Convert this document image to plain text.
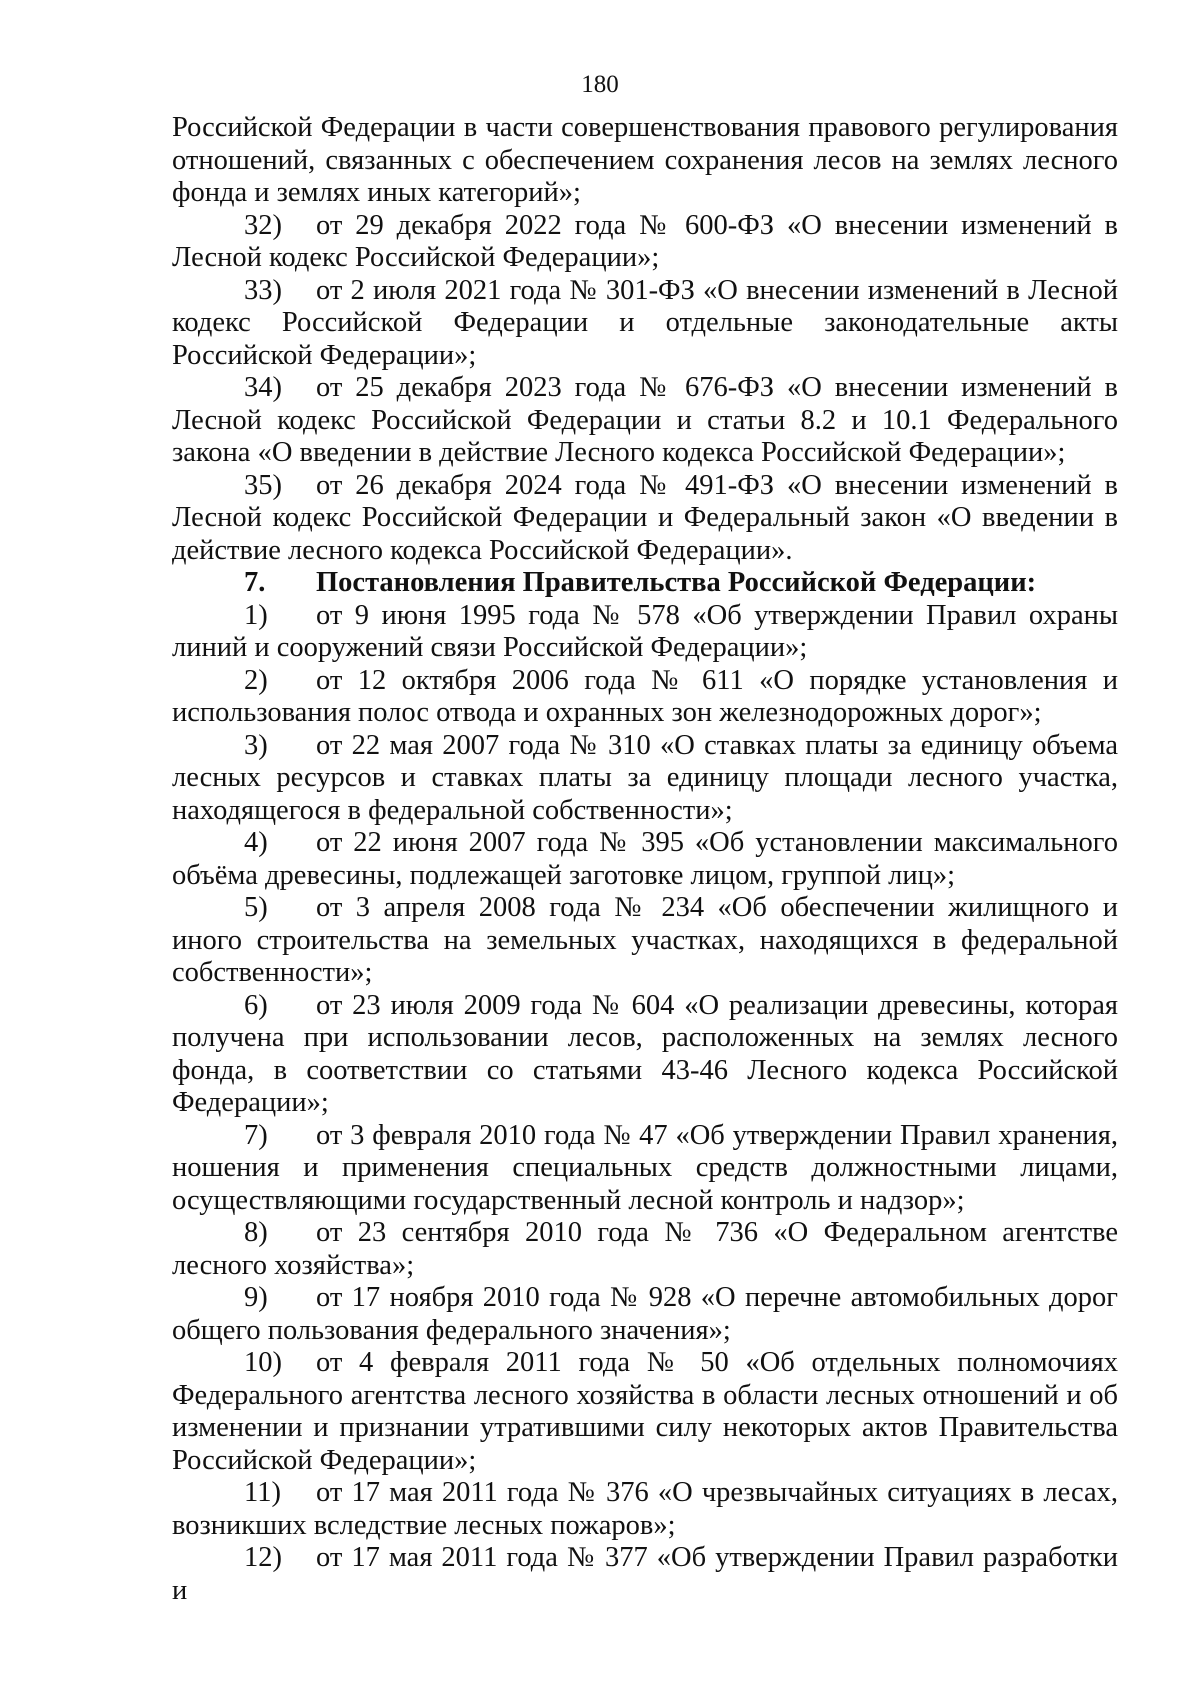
180

Российской Федерации в части совершенствования правового регулирования отношений, связанных с обеспечением сохранения лесов на землях лесного фонда и землях иных категорий»;

32) от 29 декабря 2022 года № 600-ФЗ «О внесении изменений в Лесной кодекс Российской Федерации»;

33) от 2 июля 2021 года № 301-ФЗ «О внесении изменений в Лесной кодекс Российской Федерации и отдельные законодательные акты Российской Федерации»;

34) от 25 декабря 2023 года № 676-ФЗ «О внесении изменений в Лесной кодекс Российской Федерации и статьи 8.2 и 10.1 Федерального закона «О введении в действие Лесного кодекса Российской Федерации»;

35) от 26 декабря 2024 года № 491-ФЗ «О внесении изменений в Лесной кодекс Российской Федерации и Федеральный закон «О введении в действие лесного кодекса Российской Федерации».

7. Постановления Правительства Российской Федерации:

1) от 9 июня 1995 года № 578 «Об утверждении Правил охраны линий и сооружений связи Российской Федерации»;

2) от 12 октября 2006 года № 611 «О порядке установления и использования полос отвода и охранных зон железнодорожных дорог»;

3) от 22 мая 2007 года № 310 «О ставках платы за единицу объема лесных ресурсов и ставках платы за единицу площади лесного участка, находящегося в федеральной собственности»;

4) от 22 июня 2007 года № 395 «Об установлении максимального объёма древесины, подлежащей заготовке лицом, группой лиц»;

5) от 3 апреля 2008 года № 234 «Об обеспечении жилищного и иного строительства на земельных участках, находящихся в федеральной собственности»;

6) от 23 июля 2009 года № 604 «О реализации древесины, которая получена при использовании лесов, расположенных на землях лесного фонда, в соответствии со статьями 43-46 Лесного кодекса Российской Федерации»;

7) от 3 февраля 2010 года № 47 «Об утверждении Правил хранения, ношения и применения специальных средств должностными лицами, осуществляющими государственный лесной контроль и надзор»;

8) от 23 сентября 2010 года № 736 «О Федеральном агентстве лесного хозяйства»;

9) от 17 ноября 2010 года № 928 «О перечне автомобильных дорог общего пользования федерального значения»;

10) от 4 февраля 2011 года № 50 «Об отдельных полномочиях Федерального агентства лесного хозяйства в области лесных отношений и об изменении и признании утратившими силу некоторых актов Правительства Российской Федерации»;

11) от 17 мая 2011 года № 376 «О чрезвычайных ситуациях в лесах, возникших вследствие лесных пожаров»;

12) от 17 мая 2011 года № 377 «Об утверждении Правил разработки и
